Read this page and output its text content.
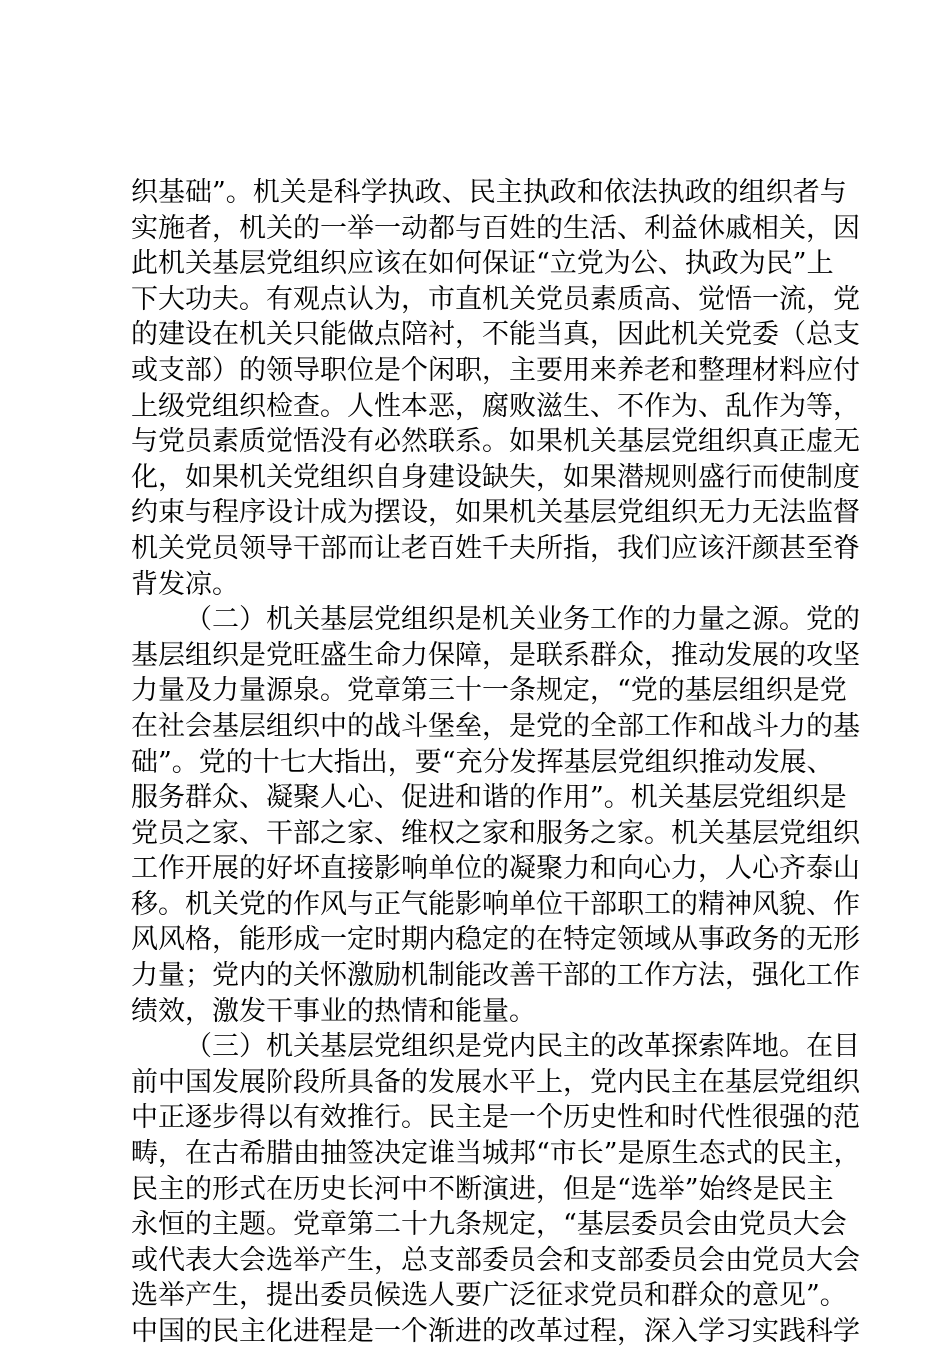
织基础”。机关是科学执政、民主执政和依法执政的组织者与
实施者，机关的一举一动都与百姓的生活、利益休戚相关，因
此机关基层党组织应该在如何保证“立党为公、执政为民”上
下大功夫。有观点认为，市直机关党员素质高、觉悟一流，党
的建设在机关只能做点陪衬，不能当真，因此机关党委（总支
或支部）的领导职位是个闲职，主要用来养老和整理材料应付
上级党组织检查。人性本恶，腐败滋生、不作为、乱作为等，
与党员素质觉悟没有必然联系。如果机关基层党组织真正虚无
化，如果机关党组织自身建设缺失，如果潜规则盛行而使制度
约束与程序设计成为摆设，如果机关基层党组织无力无法监督
机关党员领导干部而让老百姓千夫所指，我们应该汗颜甚至脊
背发凉。
（二）机关基层党组织是机关业务工作的力量之源。党的
基层组织是党旺盛生命力保障，是联系群众，推动发展的攻坚
力量及力量源泉。党章第三十一条规定，“党的基层组织是党
在社会基层组织中的战斗堡垒，是党的全部工作和战斗力的基
础”。党的十七大指出，要“充分发挥基层党组织推动发展、
服务群众、凝聚人心、促进和谐的作用”。机关基层党组织是
党员之家、干部之家、维权之家和服务之家。机关基层党组织
工作开展的好坏直接影响单位的凝聚力和向心力，人心齐泰山
移。机关党的作风与正气能影响单位干部职工的精神风貌、作
风风格，能形成一定时期内稳定的在特定领域从事政务的无形
力量；党内的关怀激励机制能改善干部的工作方法，强化工作
绩效，激发干事业的热情和能量。
（三）机关基层党组织是党内民主的改革探索阵地。在目
前中国发展阶段所具备的发展水平上，党内民主在基层党组织
中正逐步得以有效推行。民主是一个历史性和时代性很强的范
畴，在古希腊由抽签决定谁当城邦“市长”是原生态式的民主，
民主的形式在历史长河中不断演进，但是“选举”始终是民主
永恒的主题。党章第二十九条规定，“基层委员会由党员大会
或代表大会选举产生，总支部委员会和支部委员会由党员大会
选举产生，提出委员候选人要广泛征求党员和群众的意见”。
中国的民主化进程是一个渐进的改革过程，深入学习实践科学
